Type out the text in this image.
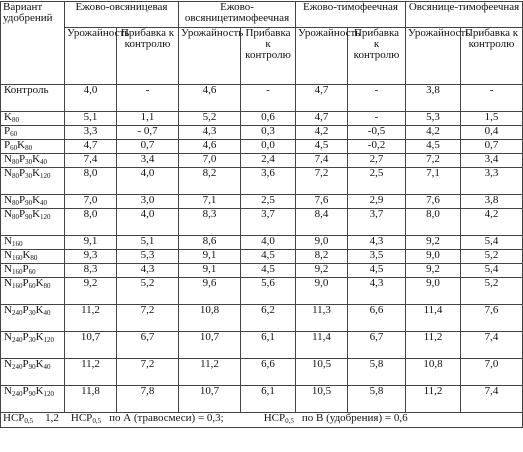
Вариант удобрений	Ежово-овсяницевая		Ежово-овсяницетимофеечная		Ежово-тимофеечная		Овсянице-тимофеечная	
	Урожайность	Прибавка к контролю	Урожайность	Прибавка к контролю	Урожайность	Прибавка к контролю	Урожайность	Прибавка к контролю
Контроль	4,0	-	4,6	-	4,7	-	3,8	-
$K_{80}$	5,1	1,1	5,2	0,6	4,7	-	5,3	1,5
$P_{60}$	3,3	- 0,7	4,3	0,3	4,2	-0,5	4,2	0,4
$P_{60}K_{80}$	4,7	0,7	4,6	0,0	4,5	-0,2	4,5	0,7
$N_{80}P_{30}K_{40}$	7,4	3,4	7,0	2,4	7,4	2,7	7,2	3,4
$N_{80}P_{30}K_{120}$	8,0	4,0	8,2	3,6	7,2	2,5	7,1	3,3
$N_{80}P_{90}K_{40}$	7,0	3,0	7,1	2,5	7,6	2,9	7,6	3,8
$N_{80}P_{90}K_{120}$	8,0	4,0	8,3	3,7	8,4	3,7	8,0	4,2
$N_{160}$	9,1	5,1	8,6	4,0	9,0	4,3	9,2	5,4
$N_{160}K_{80}$	9,3	5,3	9,1	4,5	8,2	3,5	9,0	5,2
$N_{160}P_{60}$	8,3	4,3	9,1	4,5	9,2	4,5	9,2	5,4
$N_{160}P_{60}K_{80}$	9,2	5,2	9,6	5,6	9,0	4,3	9,0	5,2
$N_{240}P_{30}K_{40}$	11,2	7,2	10,8	6,2	11,3	6,6	11,4	7,6
$N_{240}P_{30}K_{120}$	10,7	6,7	10,7	6,1	11,4	6,7	11,2	7,4
$N_{240}P_{90}K_{40}$	11,2	7,2	11,2	6,6	10,5	5,8	10,8	7,0
$N_{240}P_{90}K_{120}$	11,8	7,8	10,7	6,1	10,5	5,8	11,2	7,4
$НСР_{0,5}$ 1,2 $НСР_{0,5}$ по А (травосмеси) = 0,3; $НСР_{0,5}$ по В (удобрения) = 0,6								
